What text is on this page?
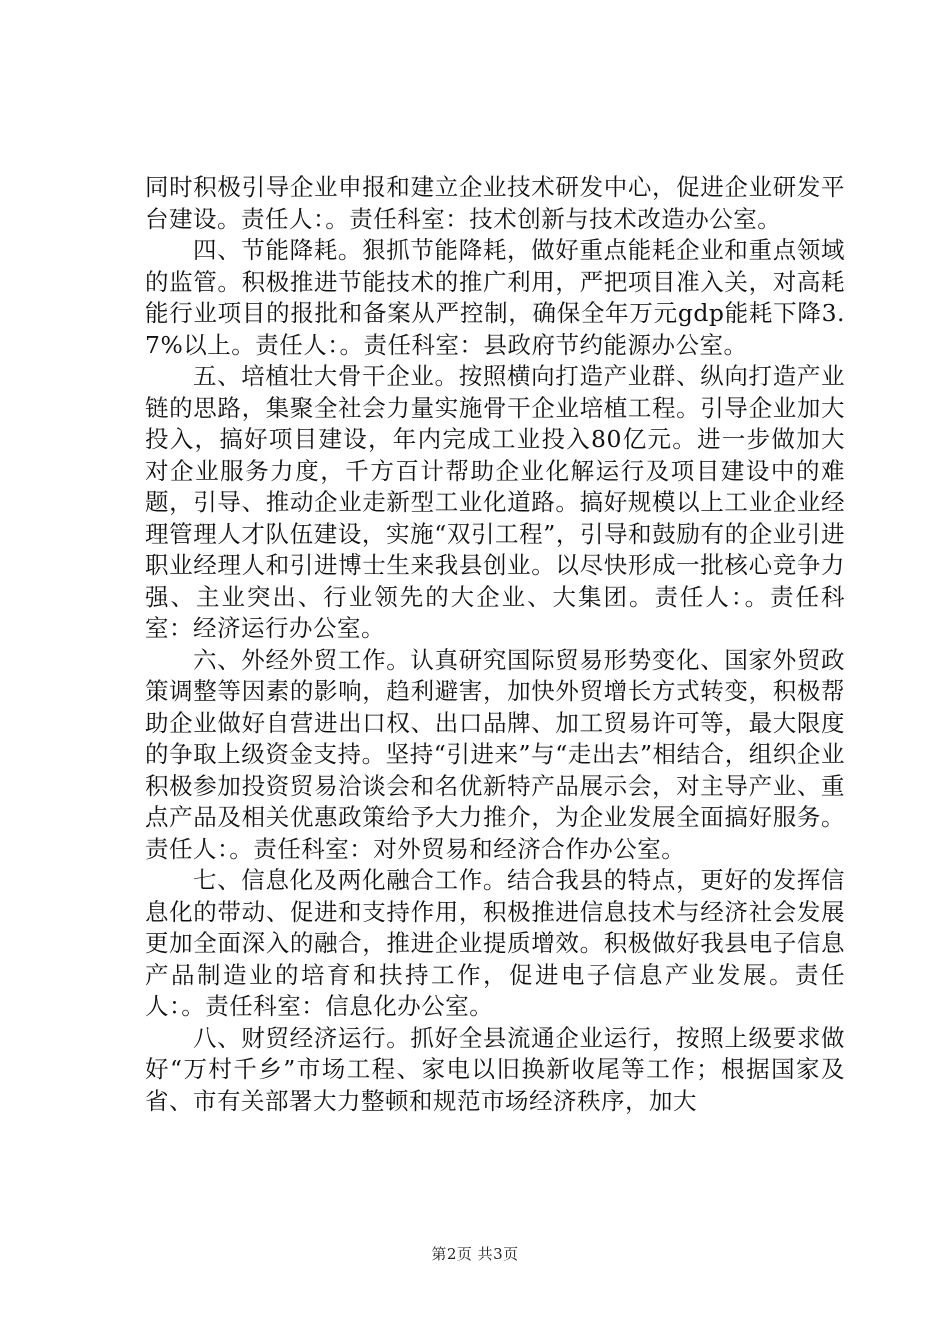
同时积极引导企业申报和建立企业技术研发中心，促进企业研发平台建设。责任人：。责任科室：技术创新与技术改造办公室。

四、节能降耗。狠抓节能降耗，做好重点能耗企业和重点领域的监管。积极推进节能技术的推广利用，严把项目准入关，对高耗能行业项目的报批和备案从严控制，确保全年万元gdp能耗下降3.7%以上。责任人：。责任科室：县政府节约能源办公室。

五、培植壮大骨干企业。按照横向打造产业群、纵向打造产业链的思路，集聚全社会力量实施骨干企业培植工程。引导企业加大投入，搞好项目建设，年内完成工业投入80亿元。进一步做加大对企业服务力度，千方百计帮助企业化解运行及项目建设中的难题，引导、推动企业走新型工业化道路。搞好规模以上工业企业经理管理人才队伍建设，实施“双引工程”，引导和鼓励有的企业引进职业经理人和引进博士生来我县创业。以尽快形成一批核心竞争力强、主业突出、行业领先的大企业、大集团。责任人：。责任科室：经济运行办公室。

六、外经外贸工作。认真研究国际贸易形势变化、国家外贸政策调整等因素的影响，趋利避害，加快外贸增长方式转变，积极帮助企业做好自营进出口权、出口品牌、加工贸易许可等，最大限度的争取上级资金支持。坚持“引进来”与“走出去”相结合，组织企业积极参加投资贸易洽谈会和名优新特产品展示会，对主导产业、重点产品及相关优惠政策给予大力推介，为企业发展全面搞好服务。责任人：。责任科室：对外贸易和经济合作办公室。

七、信息化及两化融合工作。结合我县的特点，更好的发挥信息化的带动、促进和支持作用，积极推进信息技术与经济社会发展更加全面深入的融合，推进企业提质增效。积极做好我县电子信息产品制造业的培育和扶持工作，促进电子信息产业发展。责任人：。责任科室：信息化办公室。

八、财贸经济运行。抓好全县流通企业运行，按照上级要求做好“万村千乡”市场工程、家电以旧换新收尾等工作；根据国家及省、市有关部署大力整顿和规范市场经济秩序，加大

第2页 共3页
